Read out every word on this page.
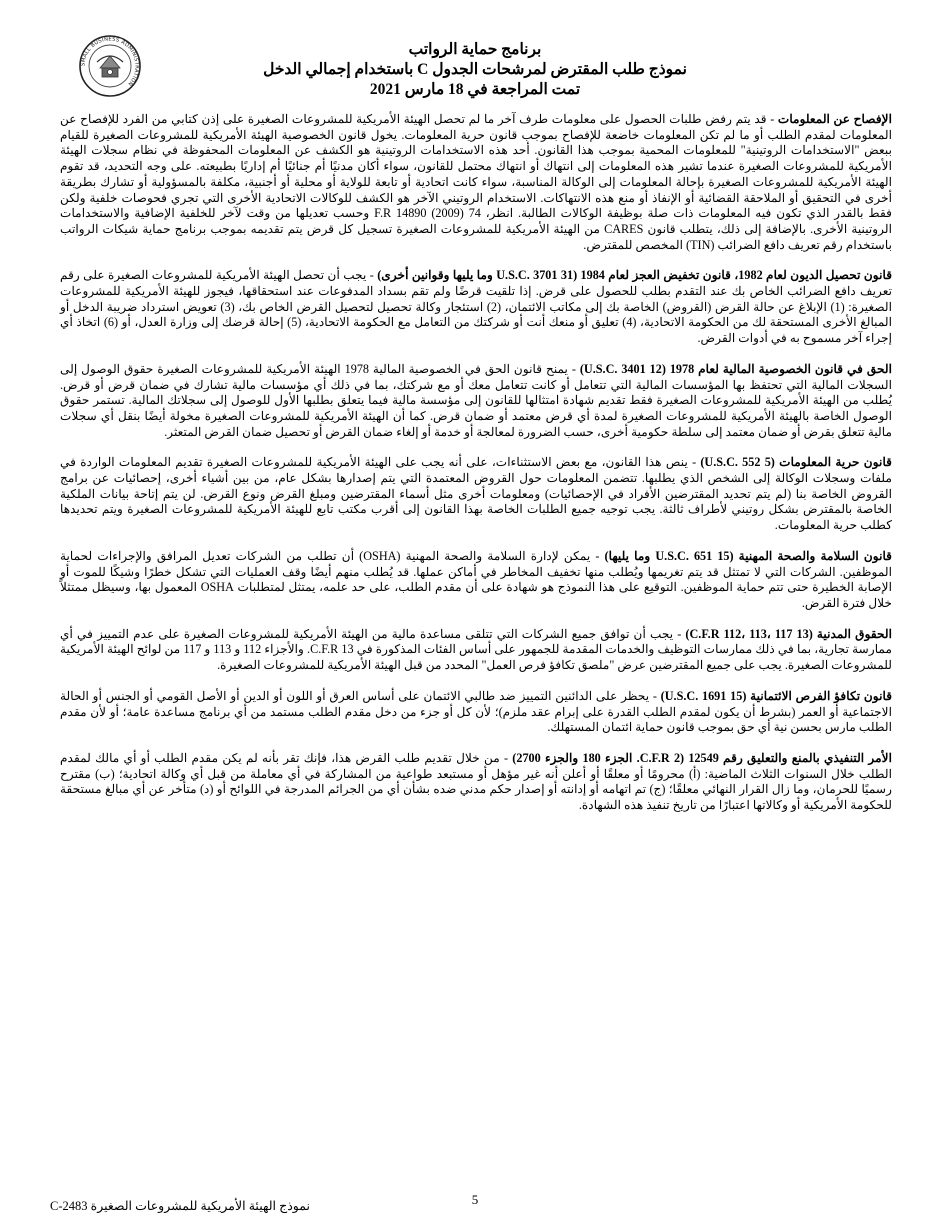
SMALL BUSINESS ADMINISTRATION
برنامج حماية الرواتب
نموذج طلب المقترض لمرشحات الجدول C باستخدام إجمالي الدخل
تمت المراجعة في 18 مارس 2021

الإفصاح عن المعلومات - قد يتم رفض طلبات الحصول على معلومات طرف آخر ما لم تحصل الهيئة الأمريكية للمشروعات الصغيرة على إذن كتابي من الفرد للإفصاح عن المعلومات لمقدم الطلب أو ما لم تكن المعلومات خاضعة للإفصاح بموجب قانون حرية المعلومات. يخول قانون الخصوصية الهيئة الأمريكية للمشروعات الصغيرة للقيام ببعض "الاستخدامات الروتينية" للمعلومات المحمية بموجب هذا القانون. أحد هذه الاستخدامات الروتينية هو الكشف عن المعلومات المحفوظة في نظام سجلات الهيئة الأمريكية للمشروعات الصغيرة عندما تشير هذه المعلومات إلى انتهاك أو انتهاك محتمل للقانون، سواء أكان مدنيًا أم جنائيًا أم إداريًا بطبيعته. على وجه التحديد، قد تقوم الهيئة الأمريكية للمشروعات الصغيرة بإحالة المعلومات إلى الوكالة المناسبة، سواء كانت اتحادية أو تابعة للولاية أو محلية أو أجنبية، مكلفة بالمسؤولية أو تشارك بطريقة أخرى في التحقيق أو الملاحقة القضائية أو الإنفاذ أو منع هذه الانتهاكات. الاستخدام الروتيني الآخر هو الكشف للوكالات الاتحادية الأخرى التي تجري فحوصات خلفية ولكن فقط بالقدر الذي تكون فيه المعلومات ذات صلة بوظيفة الوكالات الطالبة. انظر، 74 F.R 14890 (2009) وحسب تعديلها من وقت لآخر للخلفية الإضافية والاستخدامات الروتينية الأخرى. بالإضافة إلى ذلك، يتطلب قانون CARES من الهيئة الأمريكية للمشروعات الصغيرة تسجيل كل قرض يتم تقديمه بموجب برنامج حماية شيكات الرواتب باستخدام رقم تعريف دافع الضرائب (TIN) المخصص للمقترض.

قانون تحصيل الديون لعام 1982، قانون تخفيض العجز لعام 1984 (31 U.S.C. 3701 وما يليها وقوانين أخرى) - يجب أن تحصل الهيئة الأمريكية للمشروعات الصغيرة على رقم تعريف دافع الضرائب الخاص بك عند التقدم بطلب للحصول على قرض. إذا تلقيت قرضًا ولم تقم بسداد المدفوعات عند استحقاقها، فيجوز للهيئة الأمريكية للمشروعات الصغيرة: (1) الإبلاغ عن حالة القرض (القروض) الخاصة بك إلى مكاتب الائتمان، (2) استئجار وكالة تحصيل لتحصيل القرض الخاص بك، (3) تعويض استرداد ضريبة الدخل أو المبالغ الأخرى المستحقة لك من الحكومة الاتحادية، (4) تعليق أو منعك أنت أو شركتك من التعامل مع الحكومة الاتحادية، (5) إحالة قرضك إلى وزارة العدل، أو (6) اتخاذ أي إجراء آخر مسموح به في أدوات القرض.

الحق في قانون الخصوصية المالية لعام 1978 (12 U.S.C. 3401) - يمنح قانون الحق في الخصوصية المالية 1978 الهيئة الأمريكية للمشروعات الصغيرة حقوق الوصول إلى السجلات المالية التي تحتفظ بها المؤسسات المالية التي تتعامل أو كانت تتعامل معك أو مع شركتك، بما في ذلك أي مؤسسات مالية تشارك في ضمان قرض أو قرض. يُطلب من الهيئة الأمريكية للمشروعات الصغيرة فقط تقديم شهادة امتثالها للقانون إلى مؤسسة مالية فيما يتعلق بطلبها الأول للوصول إلى سجلاتك المالية. تستمر حقوق الوصول الخاصة بالهيئة الأمريكية للمشروعات الصغيرة لمدة أي قرض معتمد أو ضمان قرض. كما أن الهيئة الأمريكية للمشروعات الصغيرة مخولة أيضًا بنقل أي سجلات مالية تتعلق بقرض أو ضمان معتمد إلى سلطة حكومية أخرى، حسب الضرورة لمعالجة أو خدمة أو إلغاء ضمان القرض أو تحصيل ضمان القرض المتعثر.

قانون حرية المعلومات (5 U.S.C. 552) - ينص هذا القانون، مع بعض الاستثناءات، على أنه يجب على الهيئة الأمريكية للمشروعات الصغيرة تقديم المعلومات الواردة في ملفات وسجلات الوكالة إلى الشخص الذي يطلبها. تتضمن المعلومات حول القروض المعتمدة التي يتم إصدارها بشكل عام، من بين أشياء أخرى، إحصائيات عن برامج القروض الخاصة بنا (لم يتم تحديد المقترضين الأفراد في الإحصائيات) ومعلومات أخرى مثل أسماء المقترضين ومبلغ القرض ونوع القرض. لن يتم إتاحة بيانات الملكية الخاصة بالمقترض بشكل روتيني لأطراف ثالثة. يجب توجيه جميع الطلبات الخاصة بهذا القانون إلى أقرب مكتب تابع للهيئة الأمريكية للمشروعات الصغيرة ويتم تحديدها كطلب حرية المعلومات.

قانون السلامة والصحة المهنية (15 U.S.C. 651 وما يليها) - يمكن لإدارة السلامة والصحة المهنية (OSHA) أن تطلب من الشركات تعديل المرافق والإجراءات لحماية الموظفين. الشركات التي لا تمتثل قد يتم تغريمها ويُطلب منها تخفيف المخاطر في أماكن عملها. قد يُطلب منهم أيضًا وقف العمليات التي تشكل خطرًا وشيكًا للموت أو الإصابة الخطيرة حتى تتم حماية الموظفين. التوقيع على هذا النموذج هو شهادة على أن مقدم الطلب، على حد علمه، يمتثل لمتطلبات OSHA المعمول بها، وسيظل ممتثلاً خلال فترة القرض.

الحقوق المدنية (13 C.F.R 112، 113، 117) - يجب أن توافق جميع الشركات التي تتلقى مساعدة مالية من الهيئة الأمريكية للمشروعات الصغيرة على عدم التمييز في أي ممارسة تجارية، بما في ذلك ممارسات التوظيف والخدمات المقدمة للجمهور على أساس الفئات المذكورة في 13 C.F.R. والأجزاء 112 و 113 و 117 من لوائح الهيئة الأمريكية للمشروعات الصغيرة. يجب على جميع المقترضين عرض "ملصق تكافؤ فرص العمل" المحدد من قبل الهيئة الأمريكية للمشروعات الصغيرة.

قانون تكافؤ الفرص الائتمانية (15 U.S.C. 1691) - يحظر على الدائنين التمييز ضد طالبي الائتمان على أساس العرق أو اللون أو الدين أو الأصل القومي أو الجنس أو الحالة الاجتماعية أو العمر (بشرط أن يكون لمقدم الطلب القدرة على إبرام عقد ملزم)؛ لأن كل أو جزء من دخل مقدم الطلب مستمد من أي برنامج مساعدة عامة؛ أو لأن مقدم الطلب مارس بحسن نية أي حق بموجب قانون حماية ائتمان المستهلك.

الأمر التنفيذي بالمنع والتعليق رقم 12549 (2 C.F.R. الجزء 180 والجزء 2700) - من خلال تقديم طلب القرض هذا، فإنك تقر بأنه لم يكن مقدم الطلب أو أي مالك لمقدم الطلب خلال السنوات الثلاث الماضية: (أ) محرومًا أو معلقًا أو أعلن أنه غير مؤهل أو مستبعد طواعية من المشاركة في أي معاملة من قبل أي وكالة اتحادية؛ (ب) مقترح رسميًا للحرمان، وما زال القرار النهائي معلقًا؛ (ج) تم اتهامه أو إدانته أو إصدار حكم مدني ضده بشأن أي من الجرائم المدرجة في اللوائح أو (د) متأخر عن أي مبالغ مستحقة للحكومة الأمريكية أو وكالاتها اعتبارًا من تاريخ تنفيذ هذه الشهادة.

5
نموذج الهيئة الأمريكية للمشروعات الصغيرة 2483-C
